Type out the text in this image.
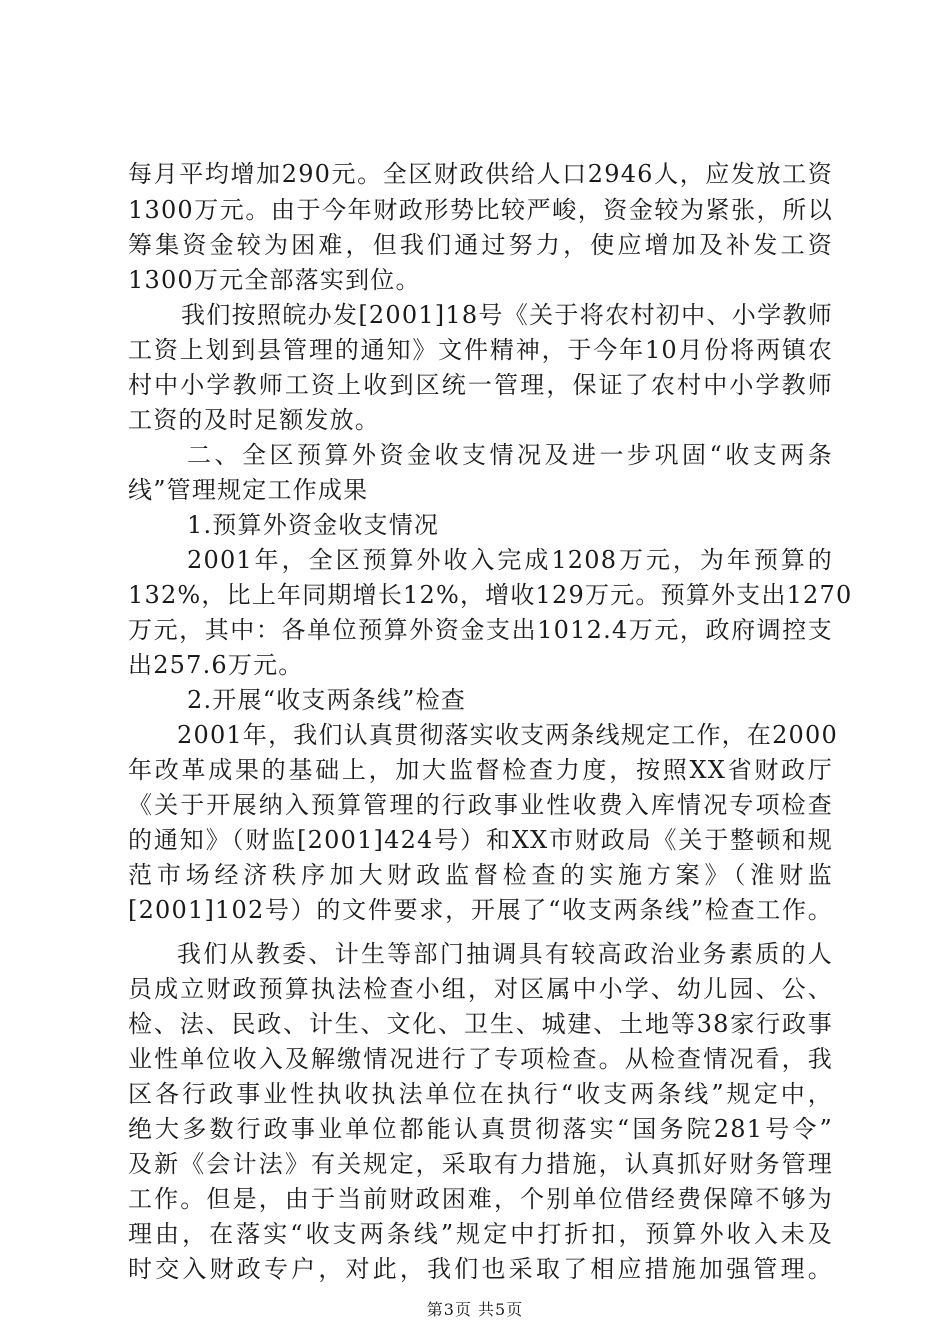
每月平均增加290元。全区财政供给人口2946人，应发放工资
1300万元。由于今年财政形势比较严峻，资金较为紧张，所以
筹集资金较为困难，但我们通过努力，使应增加及补发工资
1300万元全部落实到位。
我们按照皖办发[2001]18号《关于将农村初中、小学教师
工资上划到县管理的通知》文件精神，于今年10月份将两镇农
村中小学教师工资上收到区统一管理，保证了农村中小学教师
工资的及时足额发放。
二、全区预算外资金收支情况及进一步巩固“收支两条
线”管理规定工作成果
1.预算外资金收支情况
2001年，全区预算外收入完成1208万元，为年预算的
132%，比上年同期增长12%，增收129万元。预算外支出1270
万元，其中：各单位预算外资金支出1012.4万元，政府调控支
出257.6万元。
2.开展“收支两条线”检查
2001年，我们认真贯彻落实收支两条线规定工作，在2000
年改革成果的基础上，加大监督检查力度，按照XX省财政厅
《关于开展纳入预算管理的行政事业性收费入库情况专项检查
的通知》（财监[2001]424号）和XX市财政局《关于整顿和规
范市场经济秩序加大财政监督检查的实施方案》（淮财监
[2001]102号）的文件要求，开展了“收支两条线”检查工作。
我们从教委、计生等部门抽调具有较高政治业务素质的人
员成立财政预算执法检查小组，对区属中小学、幼儿园、公、
检、法、民政、计生、文化、卫生、城建、土地等38家行政事
业性单位收入及解缴情况进行了专项检查。从检查情况看，我
区各行政事业性执收执法单位在执行“收支两条线”规定中，
绝大多数行政事业单位都能认真贯彻落实“国务院281号令”
及新《会计法》有关规定，采取有力措施，认真抓好财务管理
工作。但是，由于当前财政困难，个别单位借经费保障不够为
理由，在落实“收支两条线”规定中打折扣，预算外收入未及
时交入财政专户，对此，我们也采取了相应措施加强管理。
第3页 共5页
